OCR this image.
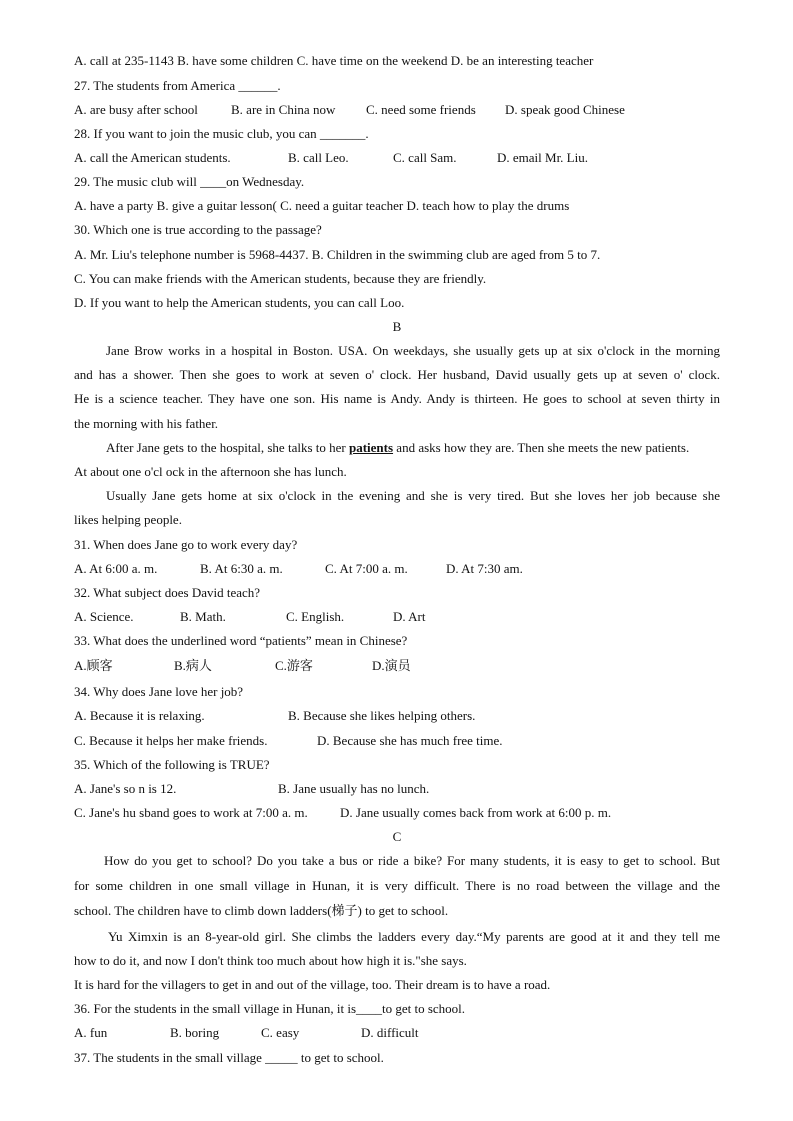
A. call at 235-1143 B. have some children C. have time on the weekend D. be an interesting teacher
27. The students from America ______.
A. are busy after school	B. are in China now C. need some friends D. speak good Chinese
28. If you want to join the music club, you can _______.
A. call the American students.	B. call Leo.	C. call Sam.	D. email Mr. Liu.
29. The music club will ____on Wednesday.
A. have a party B. give a guitar lesson( C. need a guitar teacher D. teach how to play the drums
30. Which one is true according to the passage?
A. Mr. Liu's telephone number is 5968-4437. B. Children in the swimming club are aged from 5 to 7.
C. You can make friends with the American students, because they are friendly.
D. If you want to help the American students, you can call Loo.
B
Jane Brow works in a hospital in Boston. USA. On weekdays, she usually gets up at six o'clock in the morning
and has a shower. Then she goes to work at seven o' clock. Her husband, David usually gets up at seven o' clock.
He is a science teacher. They have one son. His name is Andy. Andy is thirteen. He goes to school at seven thirty in
the morning with his father.
After Jane gets to the hospital, she talks to her patients and asks how they are. Then she meets the new patients.
At about one o'cl ock in the afternoon she has lunch.
Usually Jane gets home at six o'clock in the evening and she is very tired. But she loves her job because she
likes helping people.
31. When does Jane go to work every day?
A. At 6:00 a. m.	B. At 6:30 a. m.	C. At 7:00 a. m.	D. At 7:30 am.
32. What subject does David teach?
A. Science.	B. Math.	C. English.	D. Art
33. What does the underlined word “patients” mean in Chinese?
A.顾客	B.病人	C.游客	D.演员
34. Why does Jane love her job?
A. Because it is relaxing.	B. Because she likes helping others.
C. Because it helps her make friends.	D. Because she has much free time.
35. Which of the following is TRUE?
A. Jane's so n is 12.	B. Jane usually has no lunch.
C. Jane's hu sband goes to work at 7:00 a. m. D. Jane usually comes back from work at 6:00 p. m.
C
How do you get to school? Do you take a bus or ride a bike? For many students, it is easy to get to school. But
for some children in one small village in Hunan, it is very difficult. There is no road between the village and the
school. The children have to climb down ladders(梯子) to get to school.
Yu Ximxin is an 8-year-old girl. She climbs the ladders every day.“My parents are good at it and they tell me
how to do it, and now I don't think too much about how high it is."she says.
It is hard for the villagers to get in and out of the village, too. Their dream is to have a road.
36. For the students in the small village in Hunan, it is____to get to school.
A. fun	B. boring	C. easy	D. difficult
37. The students in the small village _____ to get to school.
